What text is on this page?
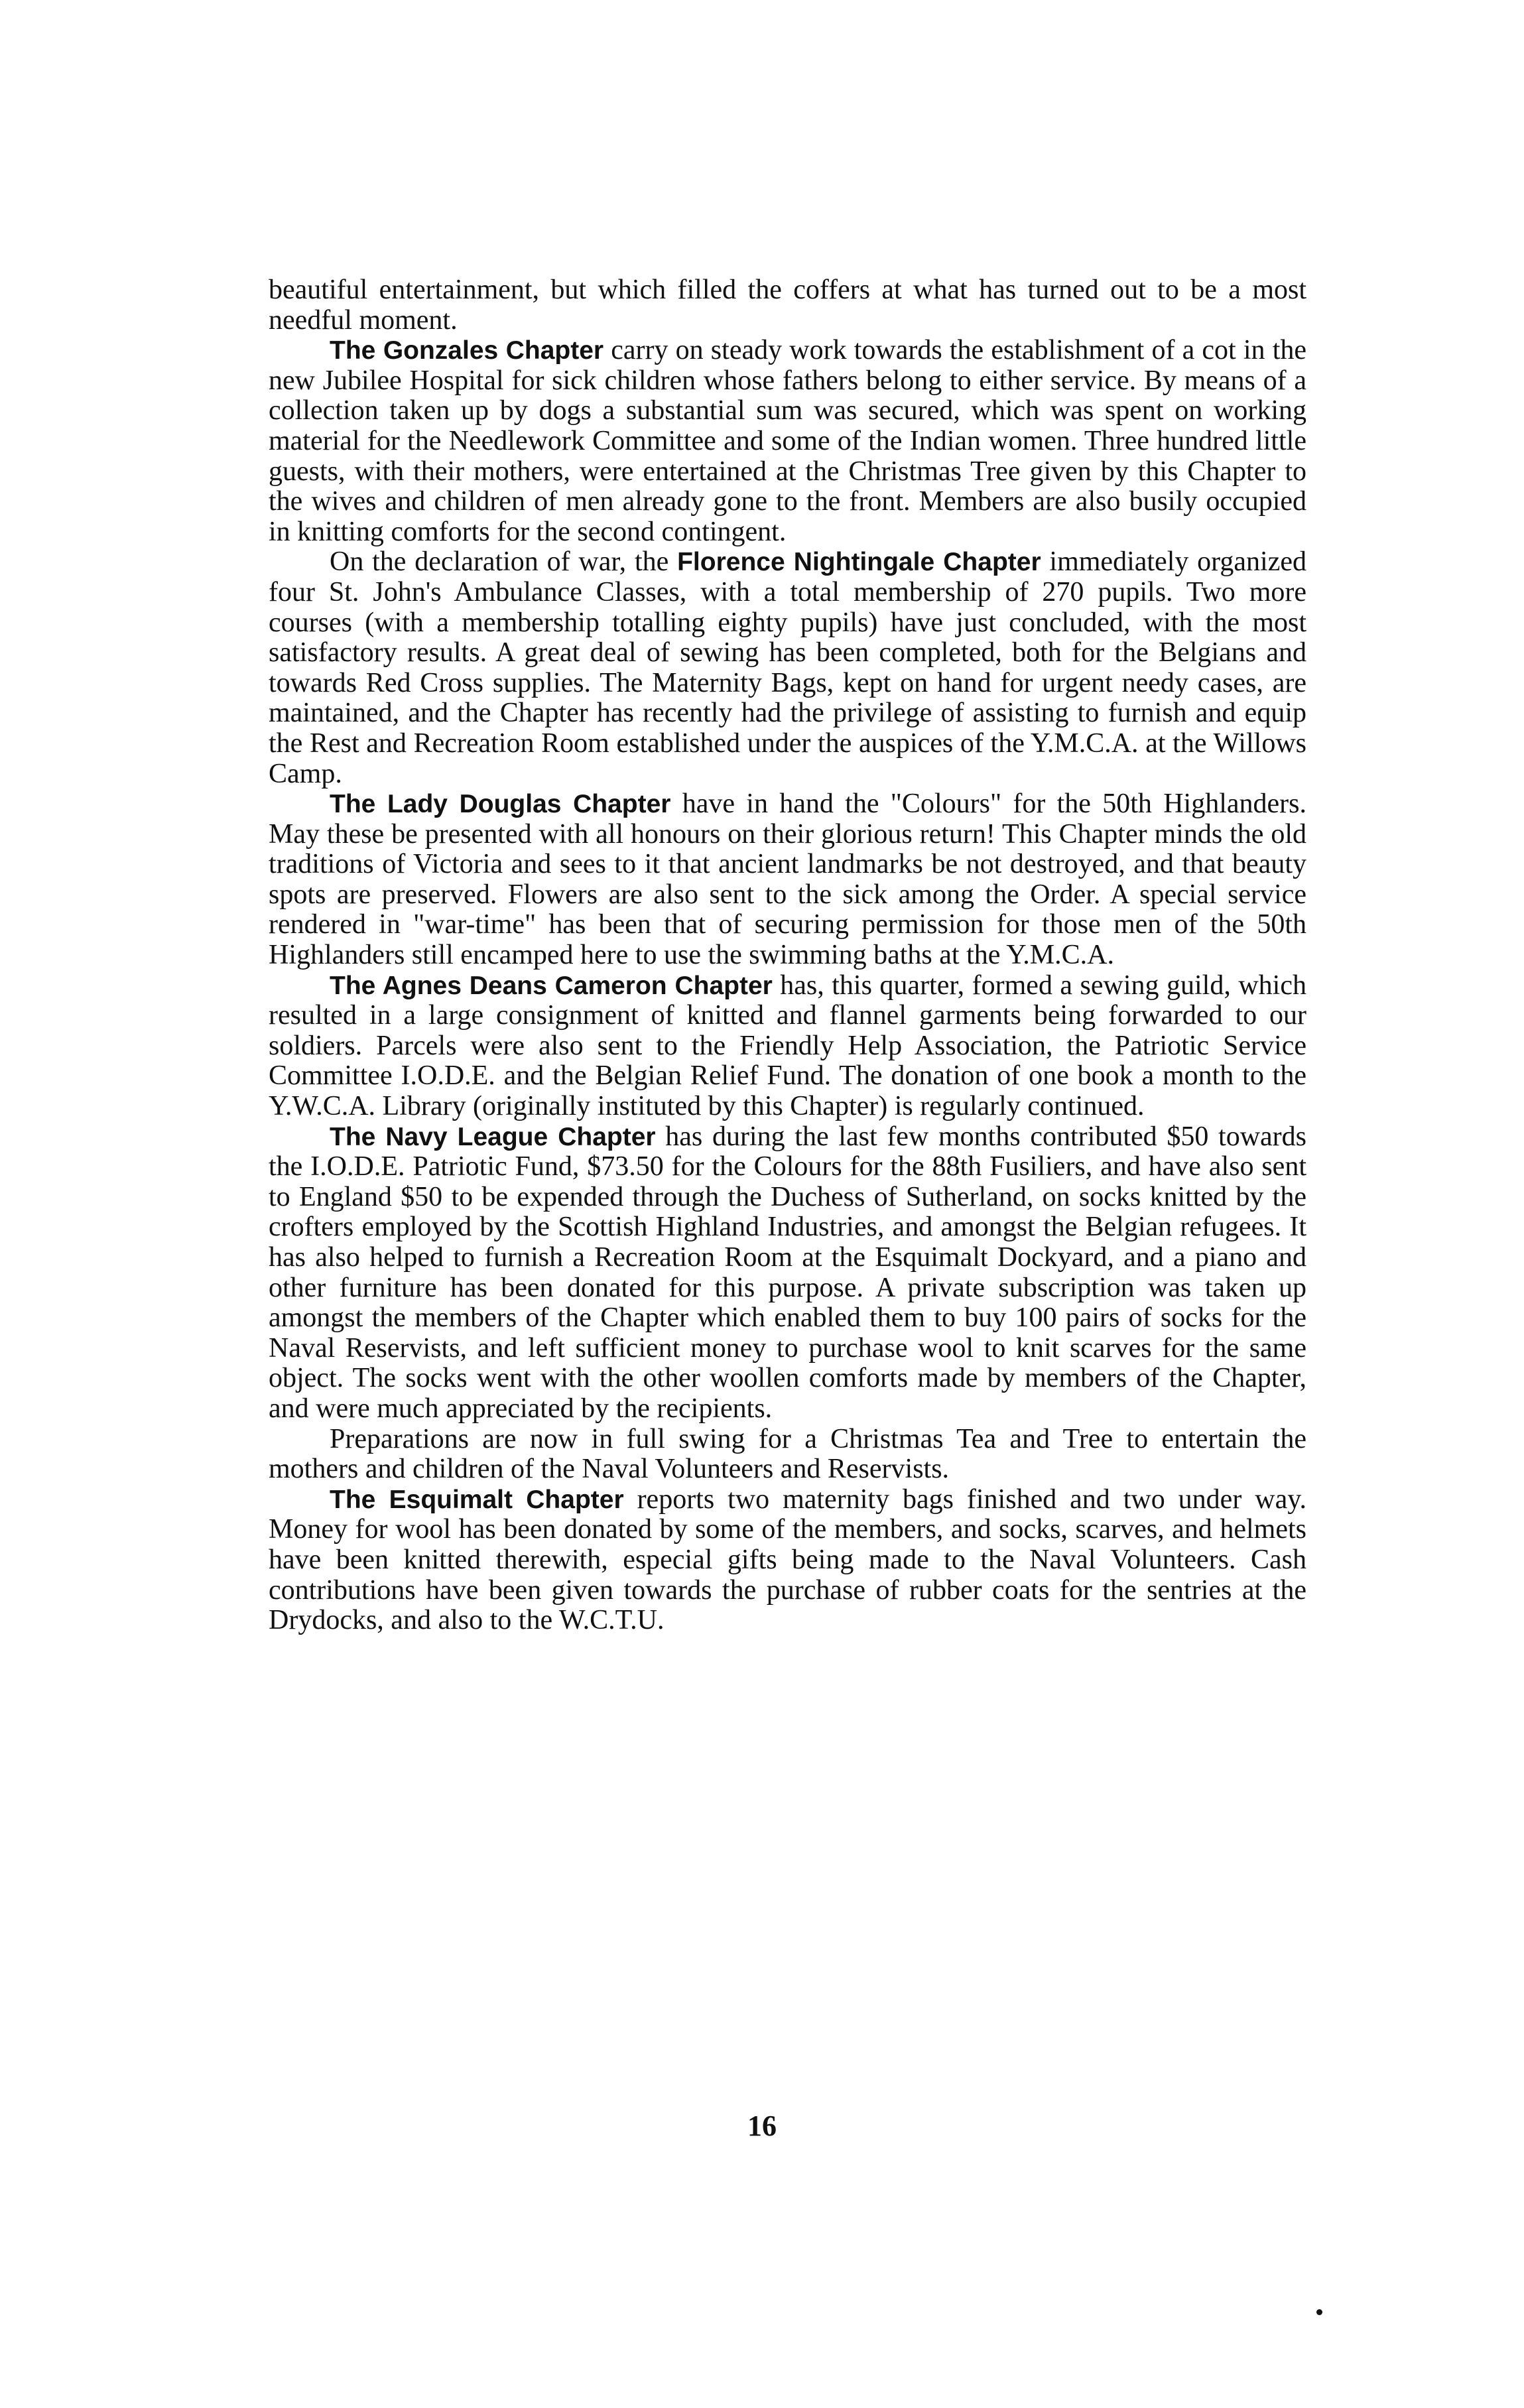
beautiful entertainment, but which filled the coffers at what has turned out to be a most needful moment.

The Gonzales Chapter carry on steady work towards the establishment of a cot in the new Jubilee Hospital for sick children whose fathers belong to either service. By means of a collection taken up by dogs a substantial sum was secured, which was spent on working material for the Needlework Committee and some of the Indian women. Three hundred little guests, with their mothers, were entertained at the Christmas Tree given by this Chapter to the wives and children of men already gone to the front. Members are also busily occupied in knitting comforts for the second contingent.

On the declaration of war, the Florence Nightingale Chapter immediately organized four St. John's Ambulance Classes, with a total membership of 270 pupils. Two more courses (with a membership totalling eighty pupils) have just concluded, with the most satisfactory results. A great deal of sewing has been completed, both for the Belgians and towards Red Cross supplies. The Maternity Bags, kept on hand for urgent needy cases, are maintained, and the Chapter has recently had the privilege of assisting to furnish and equip the Rest and Recreation Room established under the auspices of the Y.M.C.A. at the Willows Camp.

The Lady Douglas Chapter have in hand the "Colours" for the 50th Highlanders. May these be presented with all honours on their glorious return! This Chapter minds the old traditions of Victoria and sees to it that ancient landmarks be not destroyed, and that beauty spots are preserved. Flowers are also sent to the sick among the Order. A special service rendered in "war-time" has been that of securing permission for those men of the 50th Highlanders still encamped here to use the swimming baths at the Y.M.C.A.

The Agnes Deans Cameron Chapter has, this quarter, formed a sewing guild, which resulted in a large consignment of knitted and flannel garments being forwarded to our soldiers. Parcels were also sent to the Friendly Help Association, the Patriotic Service Committee I.O.D.E. and the Belgian Relief Fund. The donation of one book a month to the Y.W.C.A. Library (originally instituted by this Chapter) is regularly continued.

The Navy League Chapter has during the last few months contributed $50 towards the I.O.D.E. Patriotic Fund, $73.50 for the Colours for the 88th Fusiliers, and have also sent to England $50 to be expended through the Duchess of Sutherland, on socks knitted by the crofters employed by the Scottish Highland Industries, and amongst the Belgian refugees. It has also helped to furnish a Recreation Room at the Esquimalt Dockyard, and a piano and other furniture has been donated for this purpose. A private subscription was taken up amongst the members of the Chapter which enabled them to buy 100 pairs of socks for the Naval Reservists, and left sufficient money to purchase wool to knit scarves for the same object. The socks went with the other woollen comforts made by members of the Chapter, and were much appreciated by the recipients.

Preparations are now in full swing for a Christmas Tea and Tree to entertain the mothers and children of the Naval Volunteers and Reservists.

The Esquimalt Chapter reports two maternity bags finished and two under way. Money for wool has been donated by some of the members, and socks, scarves, and helmets have been knitted therewith, especial gifts being made to the Naval Volunteers. Cash contributions have been given towards the purchase of rubber coats for the sentries at the Drydocks, and also to the W.C.T.U.

16
